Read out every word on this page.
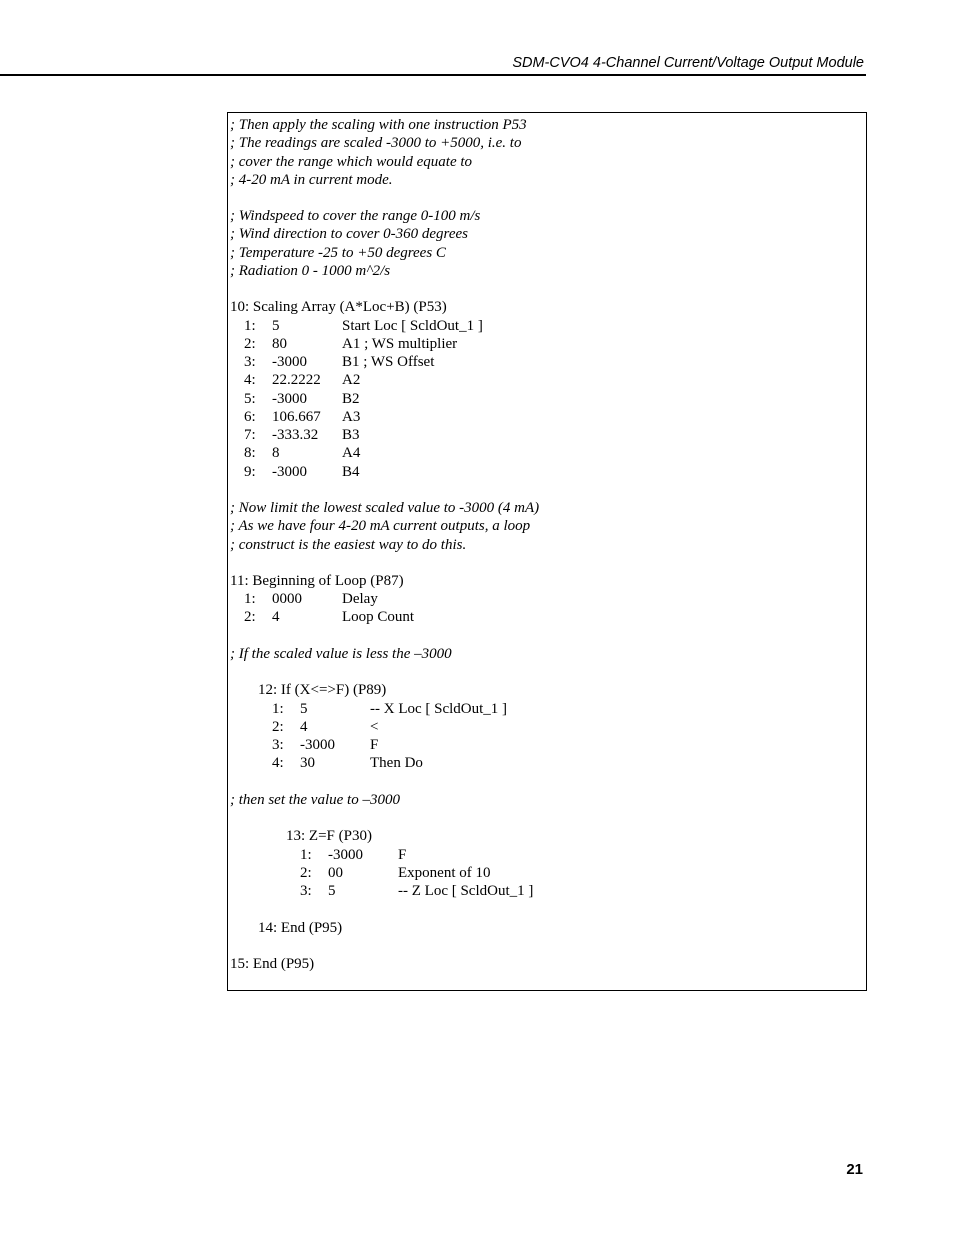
SDM-CVO4 4-Channel Current/Voltage Output Module
; Then apply the scaling with one instruction P53
; The readings are scaled -3000 to +5000, i.e. to
; cover the range which would equate to
; 4-20 mA in current mode.
; Windspeed to cover the range 0-100 m/s
; Wind direction to cover 0-360 degrees
; Temperature -25 to +50 degrees C
; Radiation 0 - 1000 m^2/s
10: Scaling Array (A*Loc+B) (P53)
1: 5	Start Loc [ ScldOut_1 ]
2: 80	A1 ; WS multiplier
3: -3000 B1 ; WS Offset
4: 22.2222 A2
5: -3000 B2
6: 106.667 A3
7: -333.32 B3
8: 8	A4
9: -3000 B4
; Now limit the lowest scaled value to -3000 (4 mA)
; As we have four 4-20 mA current outputs, a loop
; construct is the easiest way to do this.
11: Beginning of Loop (P87)
1: 0000	Delay
2: 4	Loop Count
; If the scaled value is less the –3000
12: If (X<=>F) (P89)
1: 5	-- X Loc [ ScldOut_1 ]
2: 4	<
3: -3000 F
4: 30	Then Do
; then set the value to –3000
13: Z=F (P30)
1: -3000 F
2: 00	Exponent of 10
3: 5	-- Z Loc [ ScldOut_1 ]
14: End (P95)
15: End (P95)
21
